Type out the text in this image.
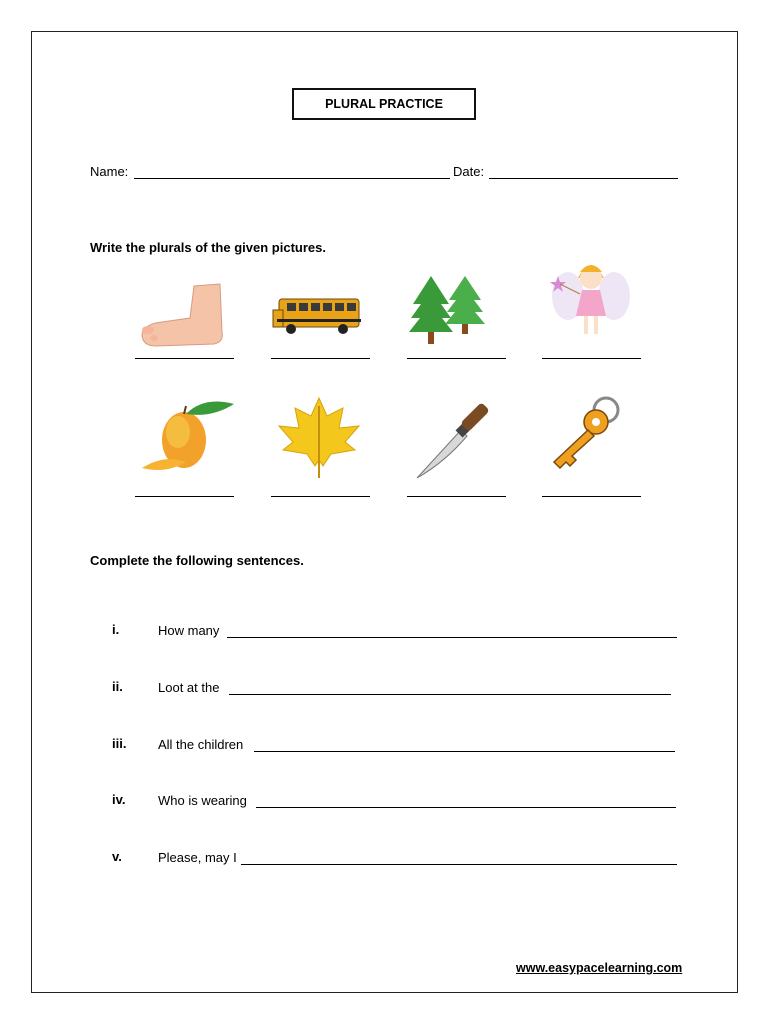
PLURAL PRACTICE
Name:	Date:
Write the plurals of the given pictures.
Complete the following sentences.
i.	How many
ii.	Loot at the
iii. All the children
iv.	Who is wearing
v.	Please, may I
www.easypacelearning.com
